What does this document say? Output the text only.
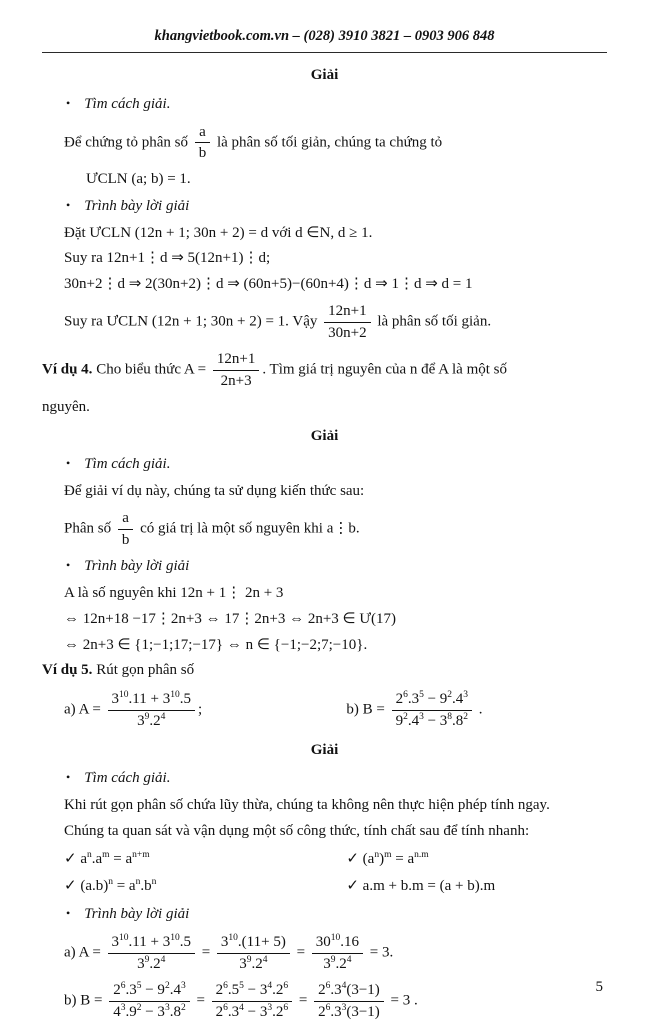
khangvietbook.com.vn – (028) 3910 3821 – 0903 906 848
Giải
• Tìm cách giải.
Để chứng tỏ phân số $\frac{a}{b}$ là phân số tối giản, chúng ta chứng tỏ
ƯCLN (a; b) = 1.
• Trình bày lời giải
Đặt ƯCLN (12n + 1; 30n + 2) = d với d ∈N, d ≥ 1.
Suy ra 12n+1⋮d ⇒ 5(12n+1)⋮d;
30n+2⋮d ⇒ 2(30n+2)⋮d ⇒ (60n+5)−(60n+4)⋮d ⇒ 1⋮d ⇒ d = 1
Suy ra ƯCLN (12n + 1; 30n + 2) = 1. Vậy $\frac{12n+1}{30n+2}$ là phân số tối giản.
Ví dụ 4. Cho biểu thức $A = \frac{12n+1}{2n+3}$ . Tìm giá trị nguyên của n để A là một số
nguyên.
Giải
• Tìm cách giải.
Để giải ví dụ này, chúng ta sử dụng kiến thức sau:
Phân số $\frac{a}{b}$ có giá trị là một số nguyên khi a⋮b.
• Trình bày lời giải
A là số nguyên khi 12n + 1⋮ 2n + 3
⇔ 12n+18 −17⋮2n+3 ⇔ 17⋮2n+3 ⇔ 2n+3 ∈ Ư(17)
⇔ 2n+3 ∈ {1;−1;17;−17} ⇔ n ∈ {−1;−2;7;−10}.
Ví dụ 5. Rút gọn phân số
a) $A = \frac{3^{10}.11 + 3^{10}.5}{3^9.2^4}$ ;	b) $B = \frac{2^6.3^5 - 9^2.4^3}{9^2.4^3 - 3^8.8^2}$ .
Giải
• Tìm cách giải.
Khi rút gọn phân số chứa lũy thừa, chúng ta không nên thực hiện phép tính ngay.
Chúng ta quan sát và vận dụng một số công thức, tính chất sau để tính nhanh:
✓ $a^n.a^m = a^{n+m}$	✓ $(a^n)^m = a^{n.m}$
✓ $(a.b)^n = a^n.b^n$	✓ a.m + b.m = (a + b).m
• Trình bày lời giải
a) $A = \frac{3^{10}.11 + 3^{10}.5}{3^9.2^4} = \frac{3^{10}.(11+ 5)}{3^9.2^4} = \frac{30^{10}.16}{3^9.2^4} = 3$.
b) $B = \frac{2^6.3^5 - 9^2.4^3}{4^3.9^2 - 3^3.8^2} = \frac{2^6.5^5 - 3^4.2^6}{2^6.3^4 - 3^3.2^6} = \frac{2^6.3^4(3-1)}{2^6.3^3(3-1)} = 3$ .
5
